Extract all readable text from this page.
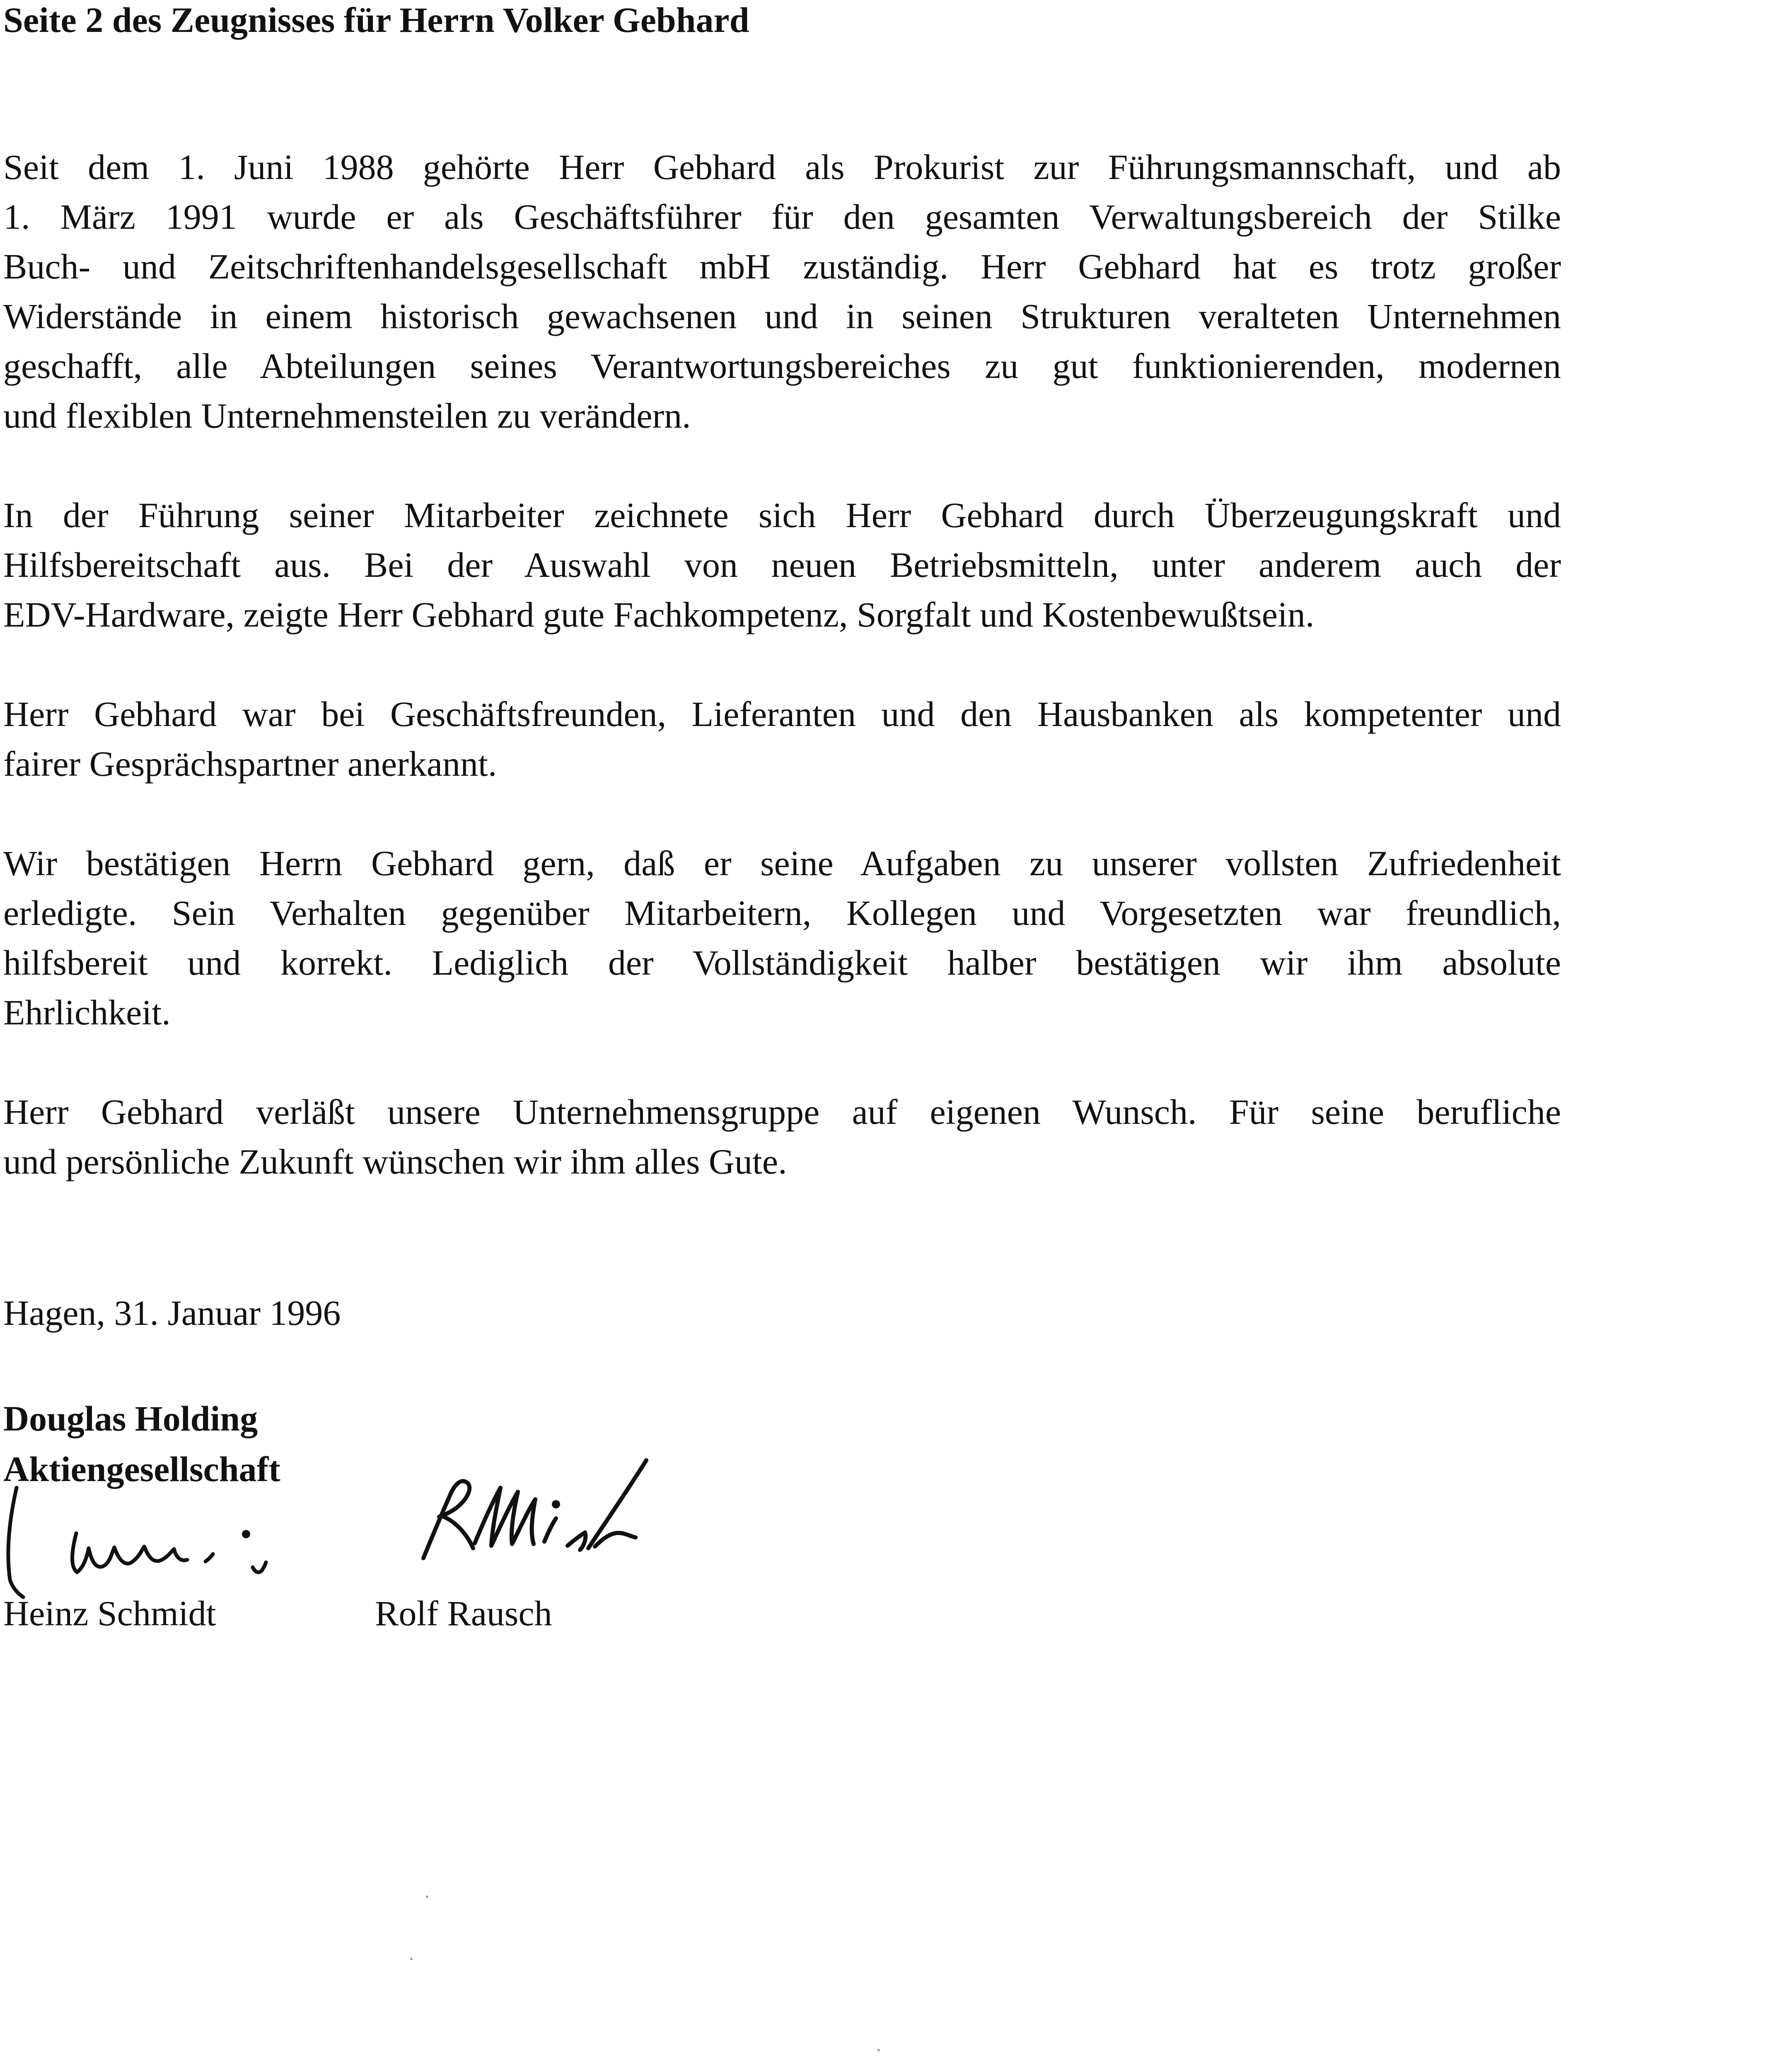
Seite 2 des Zeugnisses für Herrn Volker Gebhard

Seit dem 1. Juni 1988 gehörte Herr Gebhard als Prokurist zur Führungsmannschaft, und ab
1. März 1991 wurde er als Geschäftsführer für den gesamten Verwaltungsbereich der Stilke
Buch- und Zeitschriftenhandelsgesellschaft mbH zuständig. Herr Gebhard hat es trotz großer
Widerstände in einem historisch gewachsenen und in seinen Strukturen veralteten Unternehmen
geschafft, alle Abteilungen seines Verantwortungsbereiches zu gut funktionierenden, modernen
und flexiblen Unternehmensteilen zu verändern.

In der Führung seiner Mitarbeiter zeichnete sich Herr Gebhard durch Überzeugungskraft und
Hilfsbereitschaft aus. Bei der Auswahl von neuen Betriebsmitteln, unter anderem auch der
EDV-Hardware, zeigte Herr Gebhard gute Fachkompetenz, Sorgfalt und Kostenbewußtsein.

Herr Gebhard war bei Geschäftsfreunden, Lieferanten und den Hausbanken als kompetenter und
fairer Gesprächspartner anerkannt.

Wir bestätigen Herrn Gebhard gern, daß er seine Aufgaben zu unserer vollsten Zufriedenheit
erledigte. Sein Verhalten gegenüber Mitarbeitern, Kollegen und Vorgesetzten war freundlich,
hilfsbereit und korrekt. Lediglich der Vollständigkeit halber bestätigen wir ihm absolute
Ehrlichkeit.

Herr Gebhard verläßt unsere Unternehmensgruppe auf eigenen Wunsch. Für seine berufliche
und persönliche Zukunft wünschen wir ihm alles Gute.

Hagen, 31. Januar 1996
Douglas Holding
Aktiengesellschaft
Heinz Schmidt	Rolf Rausch
